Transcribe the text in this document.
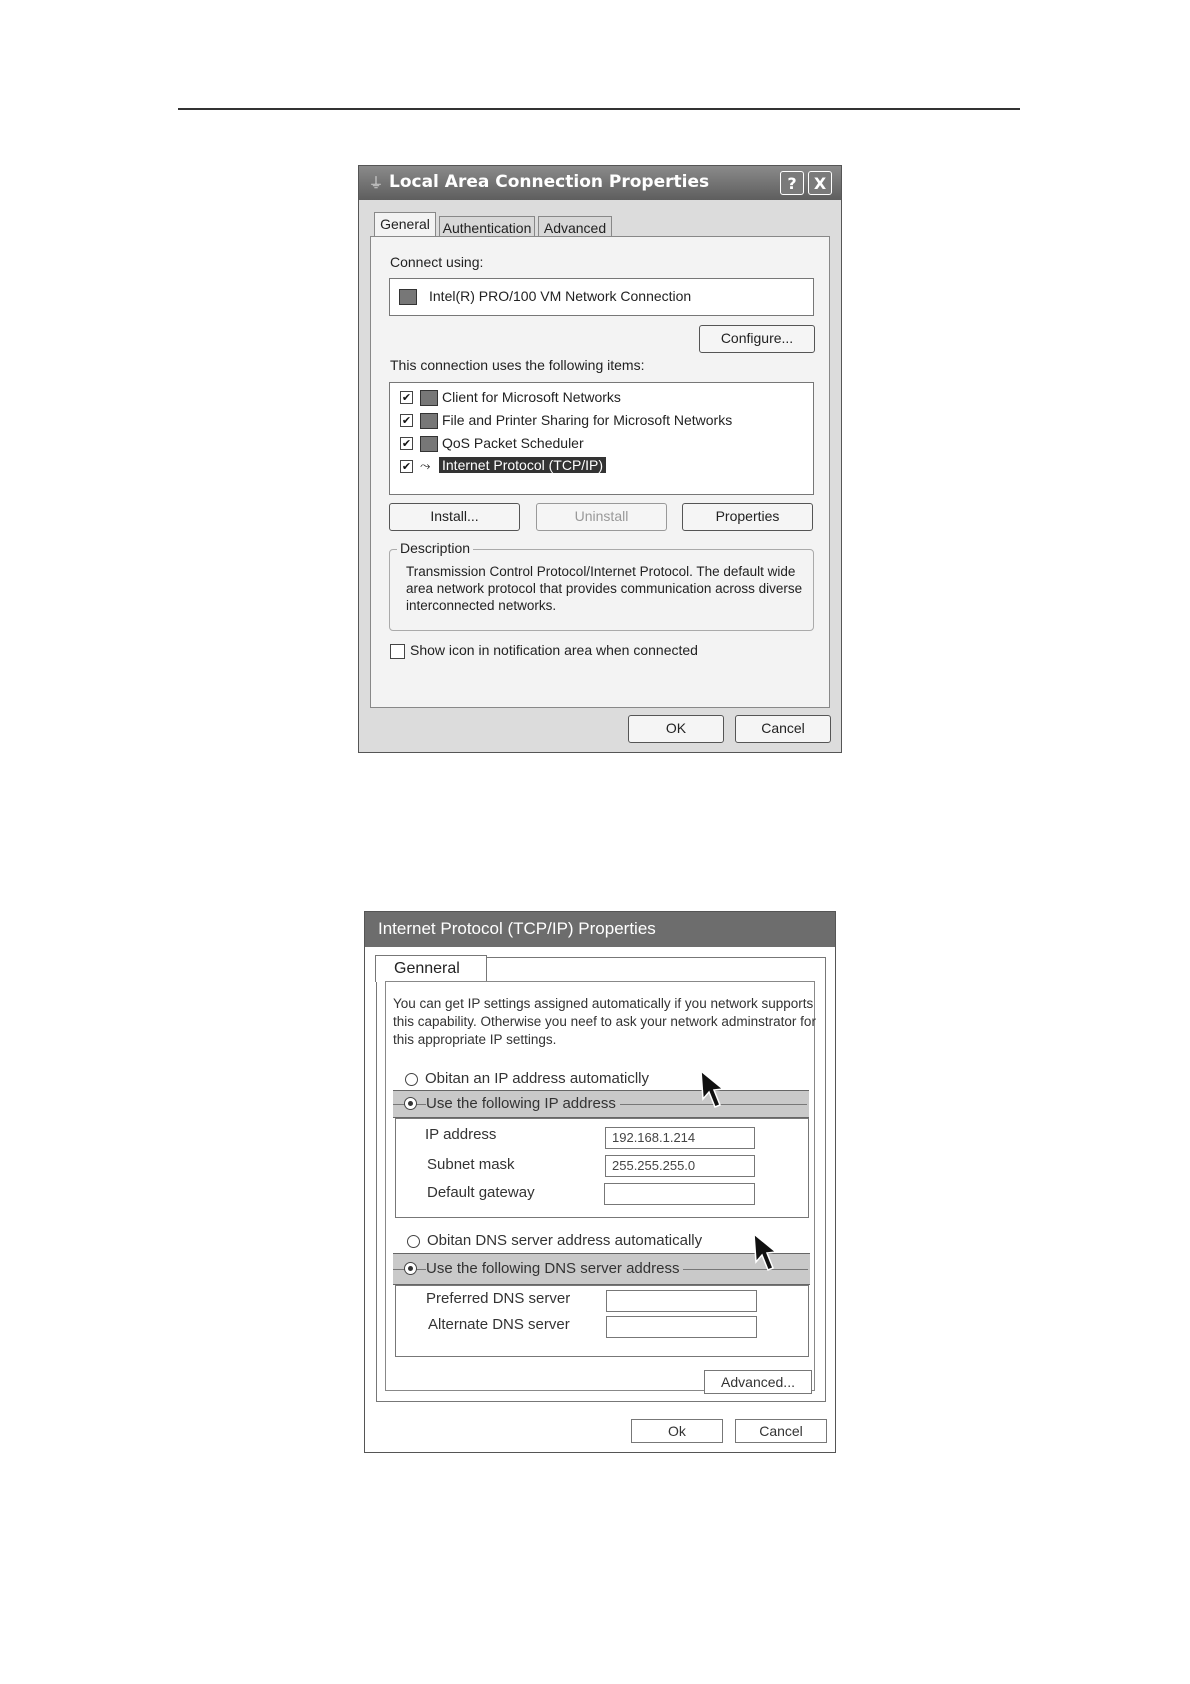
⏚ Local Area Connection Properties	?	X
General Authentication Advanced
Connect using:
Intel(R) PRO/100 VM Network Connection
Configure...
This connection uses the following items:
✔ Client for Microsoft Networks
✔ File and Printer Sharing for Microsoft Networks
✔ QoS Packet Scheduler
✔ ⤳ Internet Protocol (TCP/IP)
Install...	Uninstall	Properties
Description
Transmission Control Protocol/Internet Protocol. The default wide area network protocol that provides communication across diverse interconnected networks.
Show icon in notification area when connected
OK	Cancel
Internet Protocol (TCP/IP) Properties
Genneral
You can get IP settings assigned automatically if you network supports this capability. Otherwise you neef to ask your network adminstrator for this appropriate IP settings.
Obitan an IP address automaticlly
Use the following IP address
IP address	192.168.1.214
Subnet mask	255.255.255.0
Default gateway
Obitan DNS server address automatically
Use the following DNS server address
Preferred DNS server
Alternate DNS server
Advanced...
Ok	Cancel
